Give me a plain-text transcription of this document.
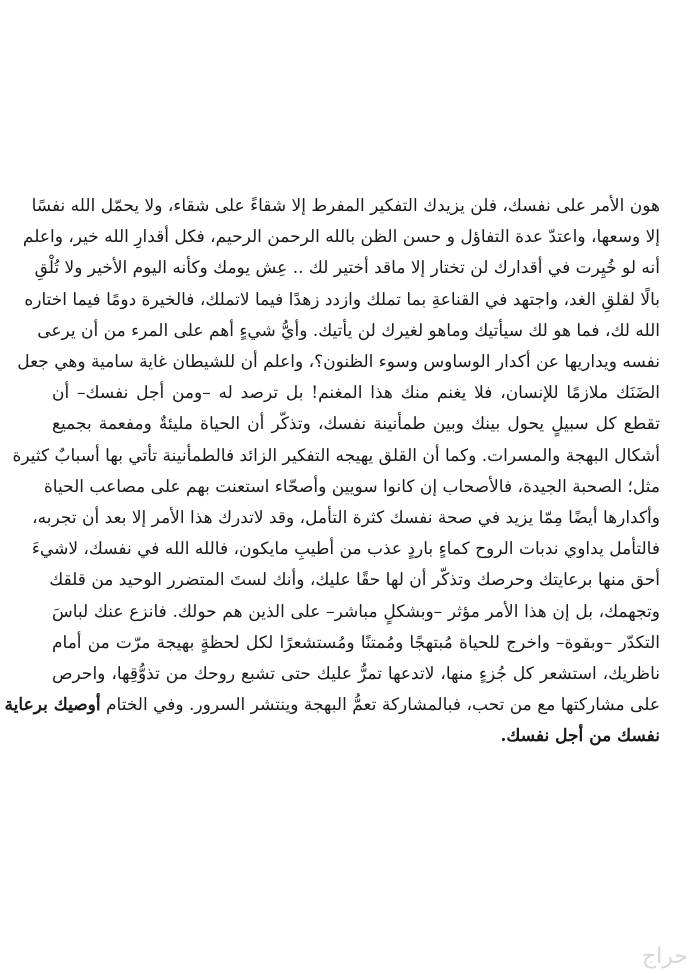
هون الأمر على نفسك، فلن يزيدك التفكير المفرط إلا شقاءً على شقاء، ولا يحمّل الله نفسًا
إلا وسعها، واعتدّ عدة التفاؤل و حسن الظن بالله الرحمن الرحيم، فكل أقدارِ الله خير، واعلم
أنه لو خُيِرت في أقدارك لن تختار إلا ماقد أختير لك .. عِش يومك وكأنه اليوم الأخير ولا تُلْقِ
بالًا لقلقِ الغد، واجتهد في القناعةِ بما تملك وازدد زهدًا فيما لاتملك، فالخيرة دومًا فيما اختاره
الله لك، فما هو لك سيأتيك وماهو لغيرك لن يأتيك. وأيُّ شيءٍ أهم على المرء من أن يرعى
نفسه ويداريها عن أكدار الوساوس وسوء الظنون؟، واعلم أن للشيطان غاية سامية وهي جعل
الضَنَك ملازمًا للإنسان، فلا يغنم منك هذا المغنم! بل ترصد له –ومن أجل نفسك– أن
تقطع كل سبيلٍ يحول بينك وبين طمأنينة نفسك، وتذكّر أن الحياة مليئةٌ ومفعمة بجميع
أشكال البهجة والمسرات. وكما أن القلق يهيجه التفكير الزائد فالطمأنينة تأتي بها أسبابٌ كثيرة
مثل؛ الصحبة الجيدة، فالأصحاب إن كانوا سويين وأصحّاء استعنت بهم على مصاعب الحياة
وأكدارها أيضًا مِمّا يزيد في صحة نفسك كثرة التأمل، وقد لاتدرك هذا الأمر إلا بعد أن تجربه،
فالتأمل يداوي ندبات الروح كماءٍ باردٍ عذب من أطيبِ مايكون، فالله الله في نفسك، لاشيءَ
أحق منها برعايتك وحرصك وتذكّر أن لها حقًا عليك، وأنك لستَ المتضرر الوحيد من قلقك
وتجهمك، بل إن هذا الأمر مؤثر –وبشكلٍ مباشر– على الذين هم حولك. فانزع عنك لباسَ
التكدّر –وبقوة– واخرج للحياة مُبتهجًا ومُمتنًا ومُستشعرًا لكل لحظةٍ بهيجة مرّت من أمام
ناظريك، استشعر كل جُزءٍ منها، لاتدعها تمرُّ عليك حتى تشبع روحك من تذوُّقِها، واحرص
على مشاركتها مع من تحب، فبالمشاركة تعمُّ البهجة وينتشر السرور. وفي الختام أوصيك برعاية
نفسك من أجل نفسك.
حراج
